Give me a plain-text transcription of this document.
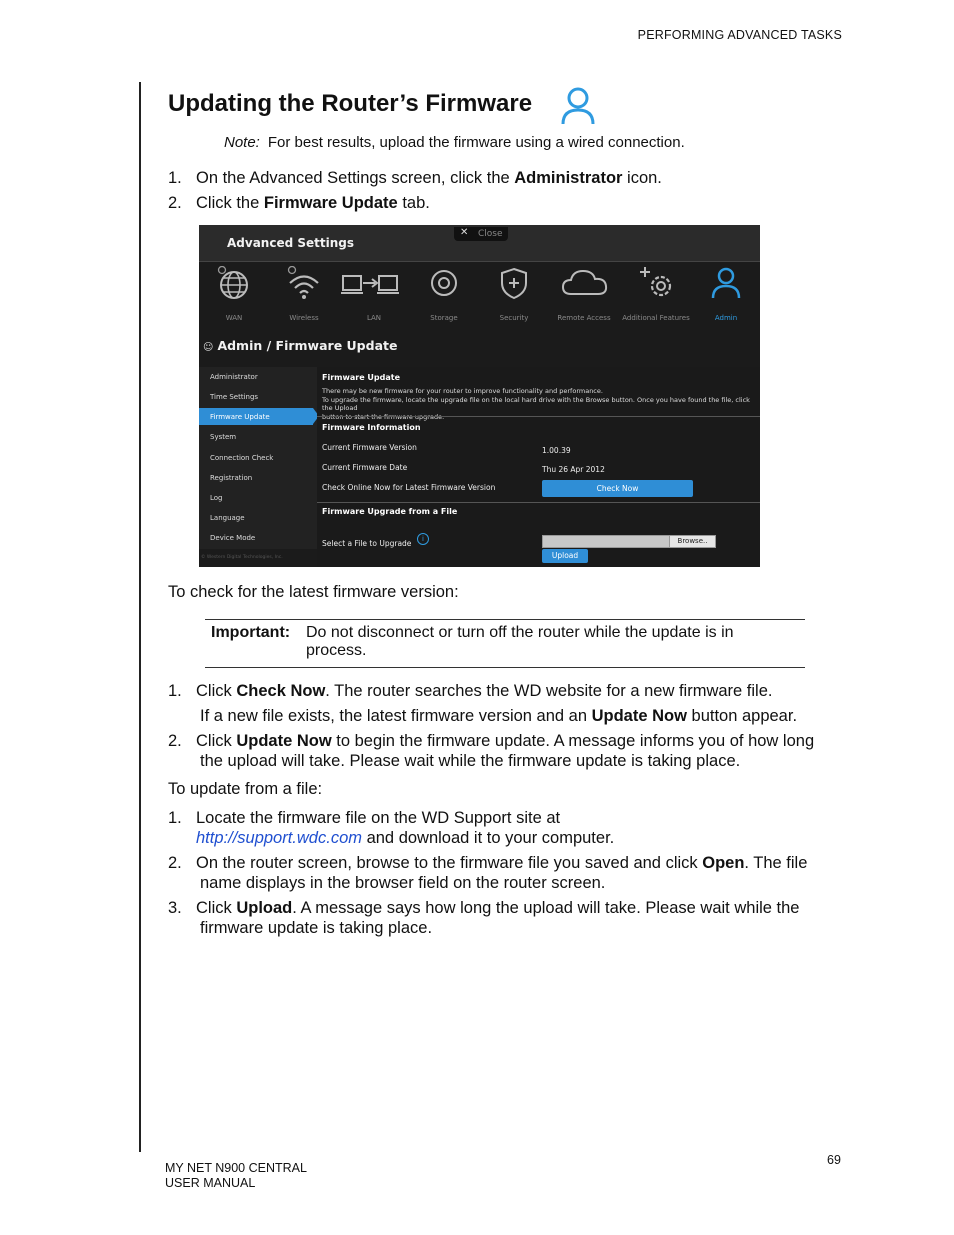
PERFORMING ADVANCED TASKS
Updating the Router’s Firmware
Note: For best results, upload the firmware using a wired connection.
1. On the Advanced Settings screen, click the Administrator icon.
2. Click the Firmware Update tab.
Advanced Settings
✕ Close
WAN	Wireless	LAN	Storage	Security	Remote Access	Additional Features	Admin
☺ Admin / Firmware Update
Administrator
Time Settings
Firmware Update
System
Connection Check
Registration
Log
Language
Device Mode
Firmware Update
There may be new firmware for your router to improve functionality and performance.
To upgrade the firmware, locate the upgrade file on the local hard drive with the Browse button. Once you have found the file, click the Upload
Firmware Information
Current Firmware Version	1.00.39
Current Firmware Date	Thu 26 Apr 2012
Check Online Now for Latest Firmware Version	Check Now
Firmware Upgrade from a File
Select a File to Upgrade	i	Browse..
Upload
© Western Digital Technologies, Inc.
To check for the latest firmware version:
Important: Do not disconnect or turn off the router while the update is in process.
1. Click Check Now. The router searches the WD website for a new firmware file.
If a new file exists, the latest firmware version and an Update Now button appear.
2. Click Update Now to begin the firmware update. A message informs you of how long
the upload will take. Please wait while the firmware update is taking place.
To update from a file:
1. Locate the firmware file on the WD Support site at
http://support.wdc.com and download it to your computer.
2. On the router screen, browse to the firmware file you saved and click Open. The file
name displays in the browser field on the router screen.
3. Click Upload. A message says how long the upload will take. Please wait while the
firmware update is taking place.
69
MY NET N900 CENTRAL
USER MANUAL
